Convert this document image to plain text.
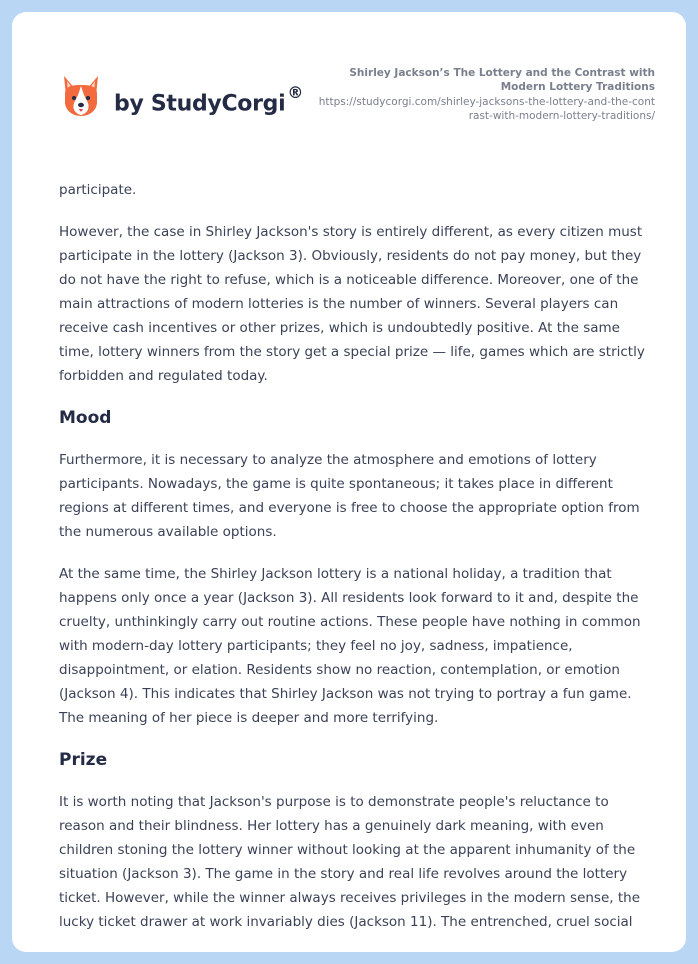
by StudyCorgi ®
Shirley Jackson’s The Lottery and the Contrast with Modern Lottery Traditions
https://studycorgi.com/shirley-jacksons-the-lottery-and-the-contrast-with-modern-lottery-traditions/

participate.

However, the case in Shirley Jackson's story is entirely different, as every citizen must participate in the lottery (Jackson 3). Obviously, residents do not pay money, but they do not have the right to refuse, which is a noticeable difference. Moreover, one of the main attractions of modern lotteries is the number of winners. Several players can receive cash incentives or other prizes, which is undoubtedly positive. At the same time, lottery winners from the story get a special prize — life, games which are strictly forbidden and regulated today.

Mood

Furthermore, it is necessary to analyze the atmosphere and emotions of lottery participants. Nowadays, the game is quite spontaneous; it takes place in different regions at different times, and everyone is free to choose the appropriate option from the numerous available options.

At the same time, the Shirley Jackson lottery is a national holiday, a tradition that happens only once a year (Jackson 3). All residents look forward to it and, despite the cruelty, unthinkingly carry out routine actions. These people have nothing in common with modern-day lottery participants; they feel no joy, sadness, impatience, disappointment, or elation. Residents show no reaction, contemplation, or emotion (Jackson 4). This indicates that Shirley Jackson was not trying to portray a fun game. The meaning of her piece is deeper and more terrifying.

Prize

It is worth noting that Jackson's purpose is to demonstrate people's reluctance to reason and their blindness. Her lottery has a genuinely dark meaning, with even children stoning the lottery winner without looking at the apparent inhumanity of the situation (Jackson 3). The game in the story and real life revolves around the lottery ticket. However, while the winner always receives privileges in the modern sense, the lucky ticket drawer at work invariably dies (Jackson 11). The entrenched, cruel social
